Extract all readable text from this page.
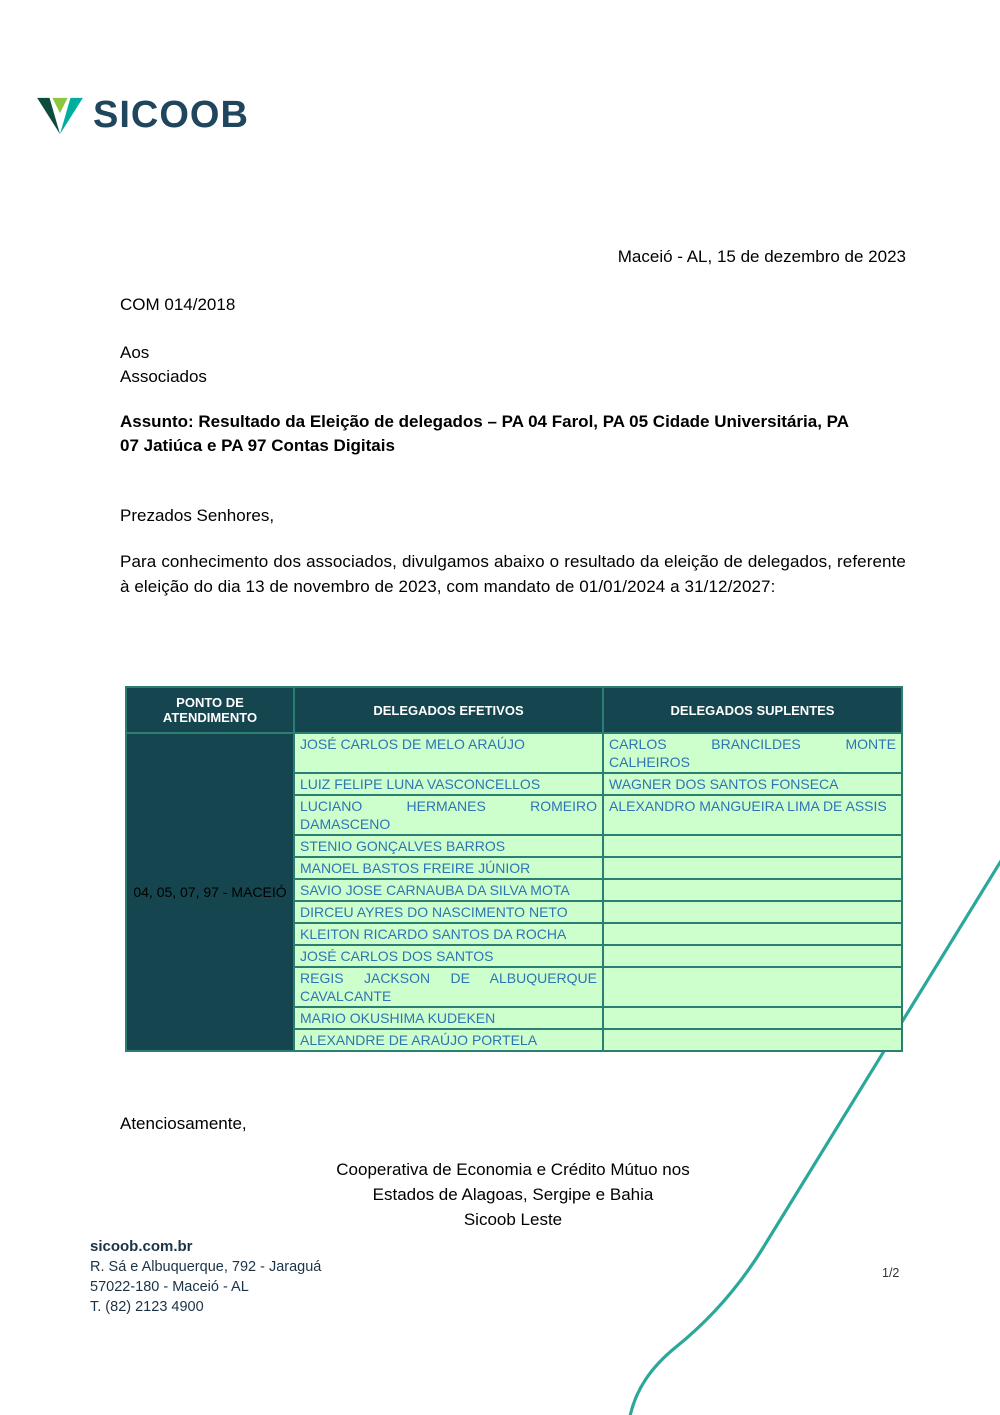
SICOOB
Maceió - AL, 15 de dezembro de 2023
COM 014/2018
Aos
Associados
Assunto: Resultado da Eleição de delegados – PA 04 Farol, PA 05 Cidade Universitária, PA 07 Jatiúca e PA 97 Contas Digitais
Prezados Senhores,
Para conhecimento dos associados, divulgamos abaixo o resultado da eleição de delegados, referente à eleição do dia 13 de novembro de 2023, com mandato de 01/01/2024 a 31/12/2027:
PONTO DE ATENDIMENTO	DELEGADOS EFETIVOS	DELEGADOS SUPLENTES
04, 05, 07, 97 - MACEIÓ	JOSÉ CARLOS DE MELO ARAÚJO	CARLOS BRANCILDES MONTE CALHEIROS
	LUIZ FELIPE LUNA VASCONCELLOS	WAGNER DOS SANTOS FONSECA
	LUCIANO HERMANES ROMEIRO DAMASCENO	ALEXANDRO MANGUEIRA LIMA DE ASSIS
	STENIO GONÇALVES BARROS	
	MANOEL BASTOS FREIRE JÚNIOR	
	SAVIO JOSE CARNAUBA DA SILVA MOTA	
	DIRCEU AYRES DO NASCIMENTO NETO	
	KLEITON RICARDO SANTOS DA ROCHA	
	JOSÉ CARLOS DOS SANTOS	
	REGIS JACKSON DE ALBUQUERQUE CAVALCANTE	
	MARIO OKUSHIMA KUDEKEN	
	ALEXANDRE DE ARAÚJO PORTELA	
Atenciosamente,
Cooperativa de Economia e Crédito Mútuo nos
Estados de Alagoas, Sergipe e Bahia
Sicoob Leste
sicoob.com.br
R. Sá e Albuquerque, 792 - Jaraguá
57022-180 - Maceió - AL
T. (82) 2123 4900
1/2
